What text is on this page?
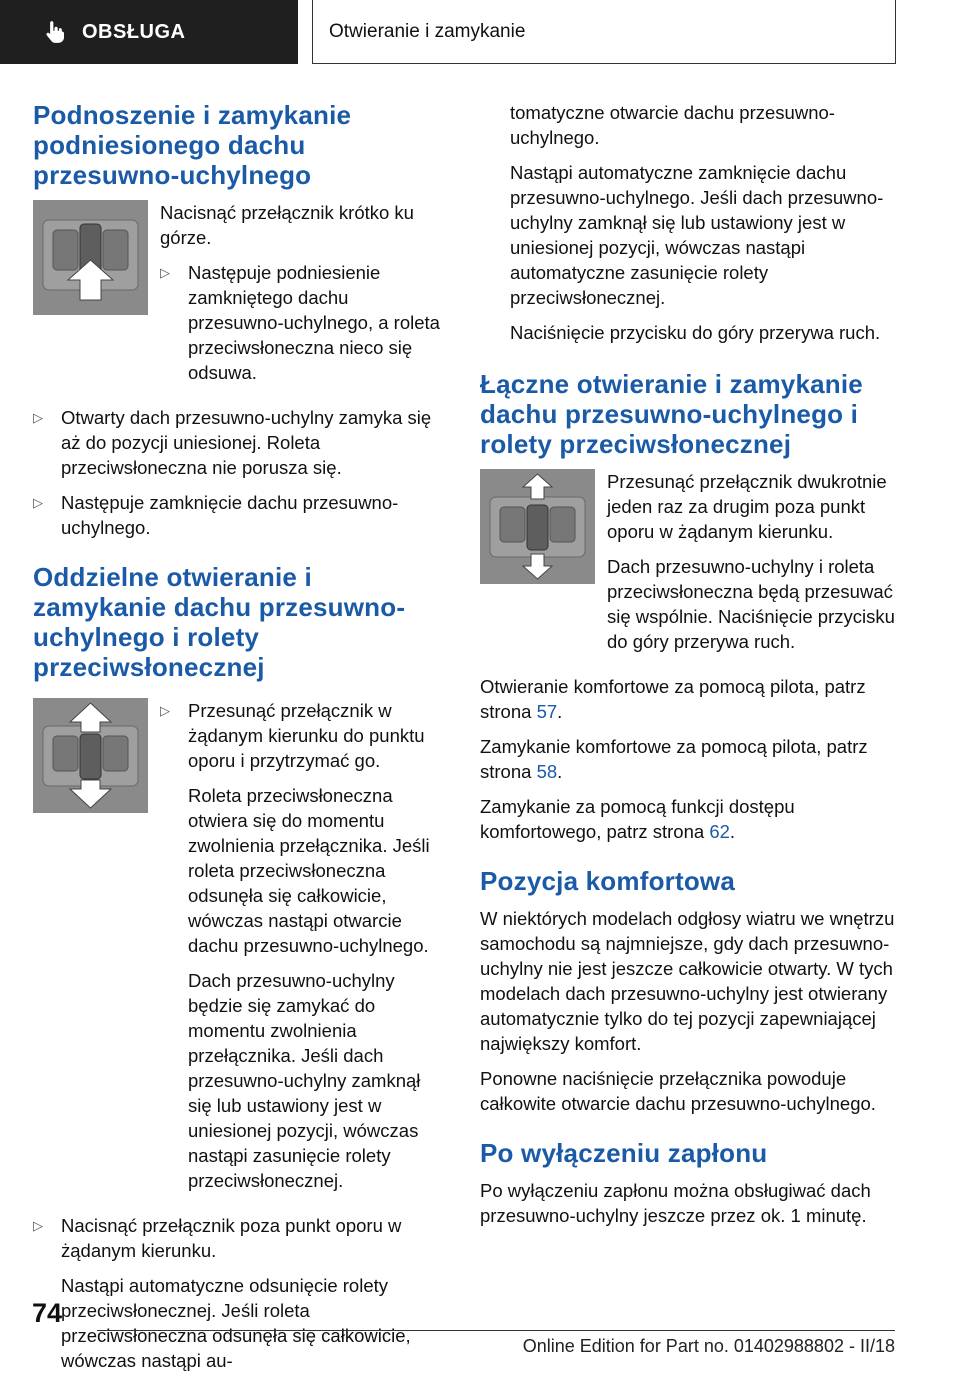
OBSŁUGA	Otwieranie i zamykanie
Podnoszenie i zamykanie podniesionego dachu przesuwno-uchylnego

Nacisnąć przełącznik krótko ku górze.

▷ Następuje podniesienie zamkniętego dachu przesuwno-uchylnego, a roleta przeciwsłoneczna nieco się odsuwa.
▷ Otwarty dach przesuwno-uchylny zamyka się aż do pozycji uniesionej. Roleta przeciwsłoneczna nie porusza się.
▷ Następuje zamknięcie dachu przesuwno-uchylnego.
Oddzielne otwieranie i zamykanie dachu przesuwno-uchylnego i rolety przeciwsłonecznej
▷ Przesunąć przełącznik w żądanym kierunku do punktu oporu i przytrzymać go.

Roleta przeciwsłoneczna otwiera się do momentu zwolnienia przełącznika. Jeśli roleta przeciwsłoneczna odsunęła się całkowicie, wówczas nastąpi otwarcie dachu przesuwno-uchylnego.

Dach przesuwno-uchylny będzie się zamykać do momentu zwolnienia przełącznika. Jeśli dach przesuwno-uchylny zamknął się lub ustawiony jest w uniesionej pozycji, wówczas nastąpi zasunięcie rolety przeciwsłonecznej.

▷ Nacisnąć przełącznik poza punkt oporu w żądanym kierunku.

Nastąpi automatyczne odsunięcie rolety przeciwsłonecznej. Jeśli roleta przeciwsłoneczna odsunęła się całkowicie, wówczas nastąpi au-

tomatyczne otwarcie dachu przesuwno-uchylnego.

Nastąpi automatyczne zamknięcie dachu przesuwno-uchylnego. Jeśli dach przesuwno-uchylny zamknął się lub ustawiony jest w uniesionej pozycji, wówczas nastąpi automatyczne zasunięcie rolety przeciwsłonecznej.

Naciśnięcie przycisku do góry przerywa ruch.

Łączne otwieranie i zamykanie dachu przesuwno-uchylnego i rolety przeciwsłonecznej

Przesunąć przełącznik dwukrotnie jeden raz za drugim poza punkt oporu w żądanym kierunku.

Dach przesuwno-uchylny i roleta przeciwsłoneczna będą przesuwać się wspólnie. Naciśnięcie przycisku do góry przerywa ruch.

Otwieranie komfortowe za pomocą pilota, patrz strona 57.

Zamykanie komfortowe za pomocą pilota, patrz strona 58.

Zamykanie za pomocą funkcji dostępu komfortowego, patrz strona 62.

Pozycja komfortowa

W niektórych modelach odgłosy wiatru we wnętrzu samochodu są najmniejsze, gdy dach przesuwno-uchylny nie jest jeszcze całkowicie otwarty. W tych modelach dach przesuwno-uchylny jest otwierany automatycznie tylko do tej pozycji zapewniającej największy komfort.

Ponowne naciśnięcie przełącznika powoduje całkowite otwarcie dachu przesuwno-uchylnego.

Po wyłączeniu zapłonu

Po wyłączeniu zapłonu można obsługiwać dach przesuwno-uchylny jeszcze przez ok. 1 minutę.

74
Online Edition for Part no. 01402988802 - II/18
